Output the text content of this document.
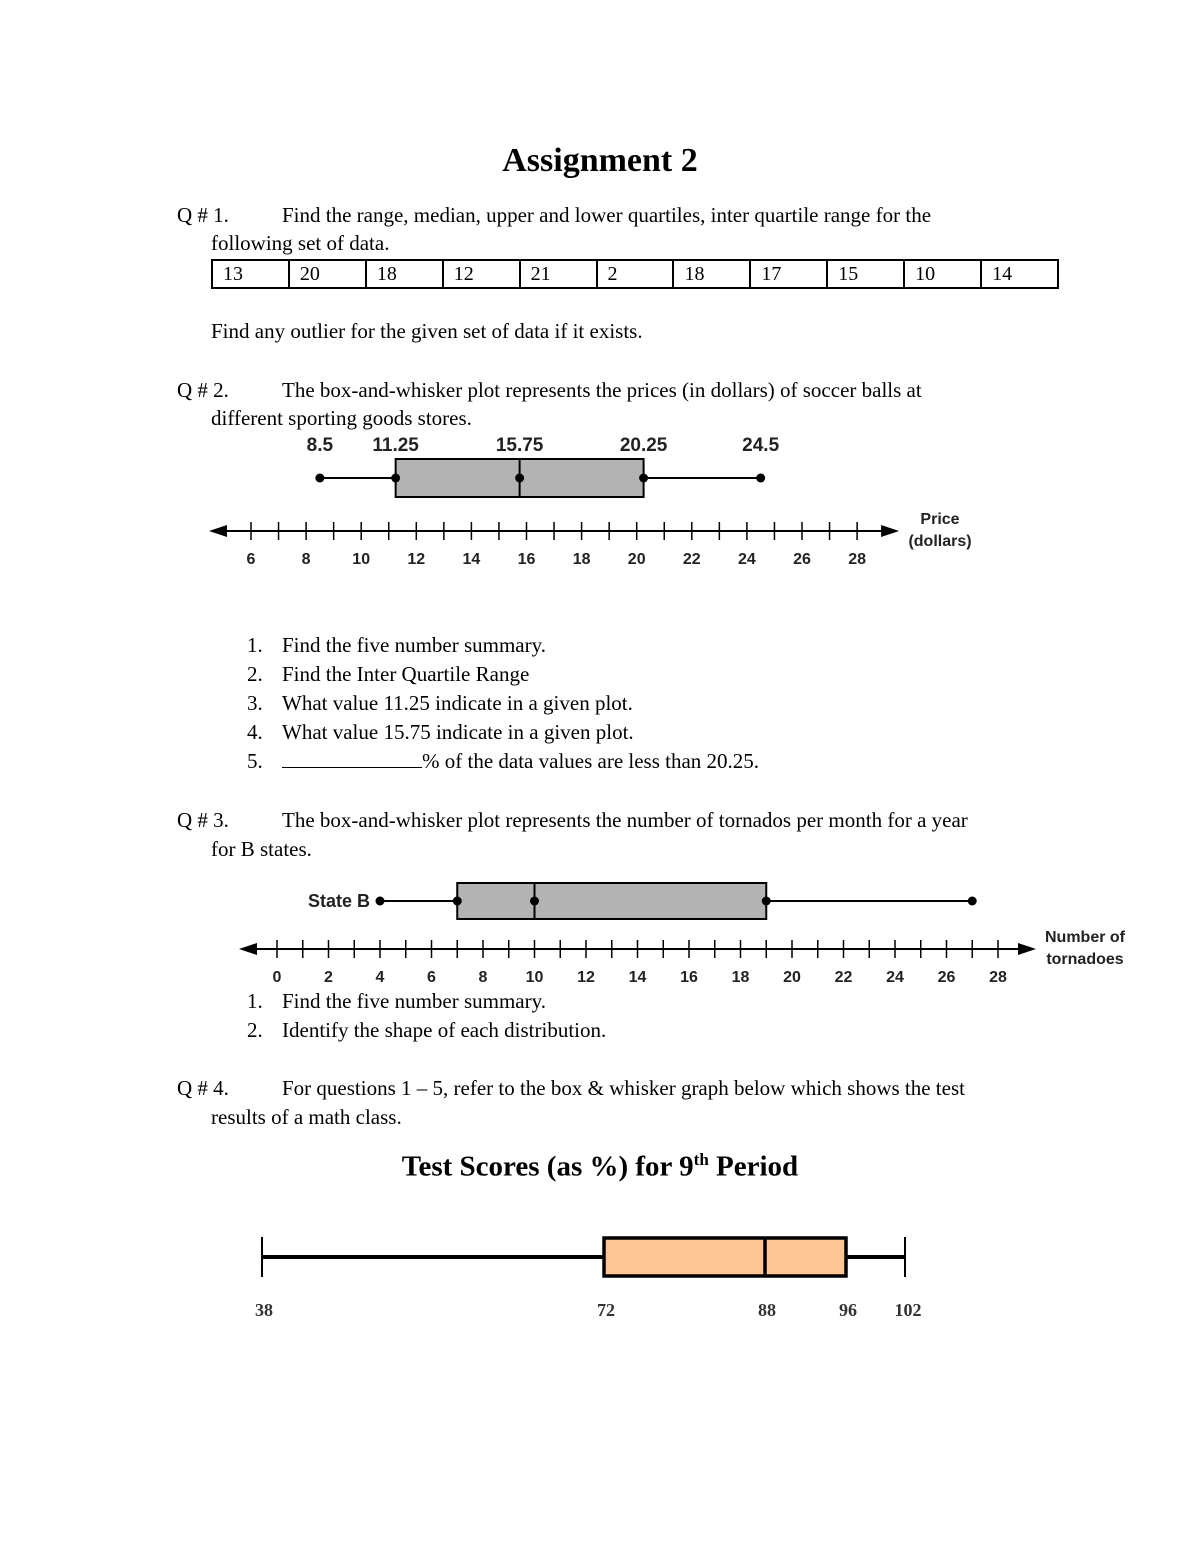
Assignment 2
Q # 1.	Find the range, median, upper and lower quartiles, inter quartile range for the
following set of data.
13	20	18	12	21	2	18	17	15	10	14
Find any outlier for the given set of data if it exists.
Q # 2.	The box-and-whisker plot represents the prices (in dollars) of soccer balls at
different sporting goods stores.
6	8	10 12 14 16 18 20 22 24 26 28
Price
(dollars)
8.5 11.25	15.75	20.25	24.5
1. Find the five number summary.
2. Find the Inter Quartile Range
3. What value 11.25 indicate in a given plot.
4. What value 15.75 indicate in a given plot.
5.	% of the data values are less than 20.25.
Q # 3.	The box-and-whisker plot represents the number of tornados per month for a year
for B states.
0	2	4	6	8 10 12 14 16 18 20 22 24 26 28
Number of
tornadoes
State B
1. Find the five number summary.
2. Identify the shape of each distribution.
Q # 4.	For questions 1 – 5, refer to the box & whisker graph below which shows the test
results of a math class.
Test Scores (as %) for 9th Period
38	72	88	96 102
